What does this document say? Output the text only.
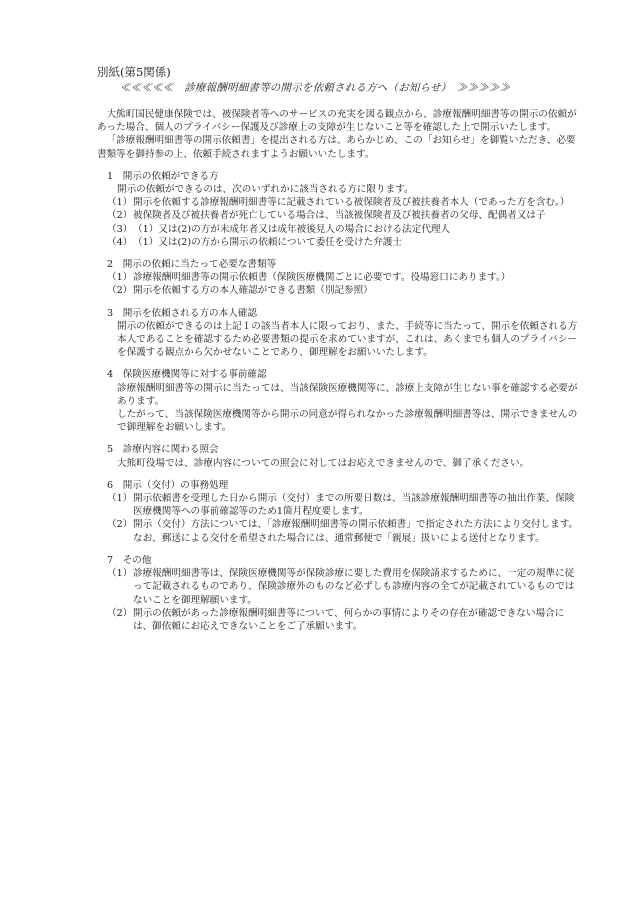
別紙(第5関係)
≪≪≪≪≪　診療報酬明細書等の開示を依頼される方へ（お知らせ）　≫≫≫≫≫

大熊町国民健康保険では、被保険者等へのサービスの充実を図る観点から、診療報酬明細書等の開示の依頼があった場合、個人のプライバシー保護及び診療上の支障が生じないこと等を確認した上で開示いたします。

「診療報酬明細書等の開示依頼書」を提出される方は、あらかじめ、この「お知らせ」を御覧いただき、必要書類等を御持参の上、依頼手続されますようお願いいたします。

1　開示の依頼ができる方

開示の依頼ができるのは、次のいずれかに該当される方に限ります。

（1） 開示を依頼する診療報酬明細書等に記載されている被保険者及び被扶養者本人（であった方を含む。）

（2） 被保険者及び被扶養者が死亡している場合は、当該被保険者及び被扶養者の父母、配偶者又は子

（3） （1）又は(2)の方が未成年者又は成年被後見人の場合における法定代理人

（4） （1）又は(2)の方から開示の依頼について委任を受けた弁護士

2　開示の依頼に当たって必要な書類等

（1） 診療報酬明細書等の開示依頼書（保険医療機関ごとに必要です。役場窓口にあります。）

（2） 開示を依頼する方の本人確認ができる書類（別記参照）

3　開示を依頼される方の本人確認

開示の依頼ができるのは上記１の該当者本人に限っており、また、手続等に当たって、開示を依頼される方本人であることを確認するため必要書類の提示を求めていますが、これは、あくまでも個人のプライバシーを保護する観点から欠かせないことであり、御理解をお願いいたします。

4　保険医療機関等に対する事前確認

診療報酬明細書等の開示に当たっては、当該保険医療機関等に、診療上支障が生じない事を確認する必要があります。

したがって、当該保険医療機関等から開示の同意が得られなかった診療報酬明細書等は、開示できませんので御理解をお願いします。

5　診療内容に関わる照会

大熊町役場では、診療内容についての照会に対してはお応えできませんので、御了承ください。

6　開示（交付）の事務処理

（1） 開示依頼書を受理した日から開示（交付）までの所要日数は、当該診療報酬明細書等の抽出作業、保険医療機関等への事前確認等のため1箇月程度要します。

（2） 開示（交付）方法については、「診療報酬明細書等の開示依頼書」で指定された方法により交付します。なお、郵送による交付を希望された場合には、通常郵便で「親展」扱いによる送付となります。

7　その他

（1） 診療報酬明細書等は、保険医療機関等が保険診療に要した費用を保険請求するために、一定の規準に従って記載されるものであり、保険診療外のものなど必ずしも診療内容の全てが記載されているものではないことを御理解願います。

（2） 開示の依頼があった診療報酬明細書等について、何らかの事情によりその存在が確認できない場合には、御依頼にお応えできないことをご了承願います。
